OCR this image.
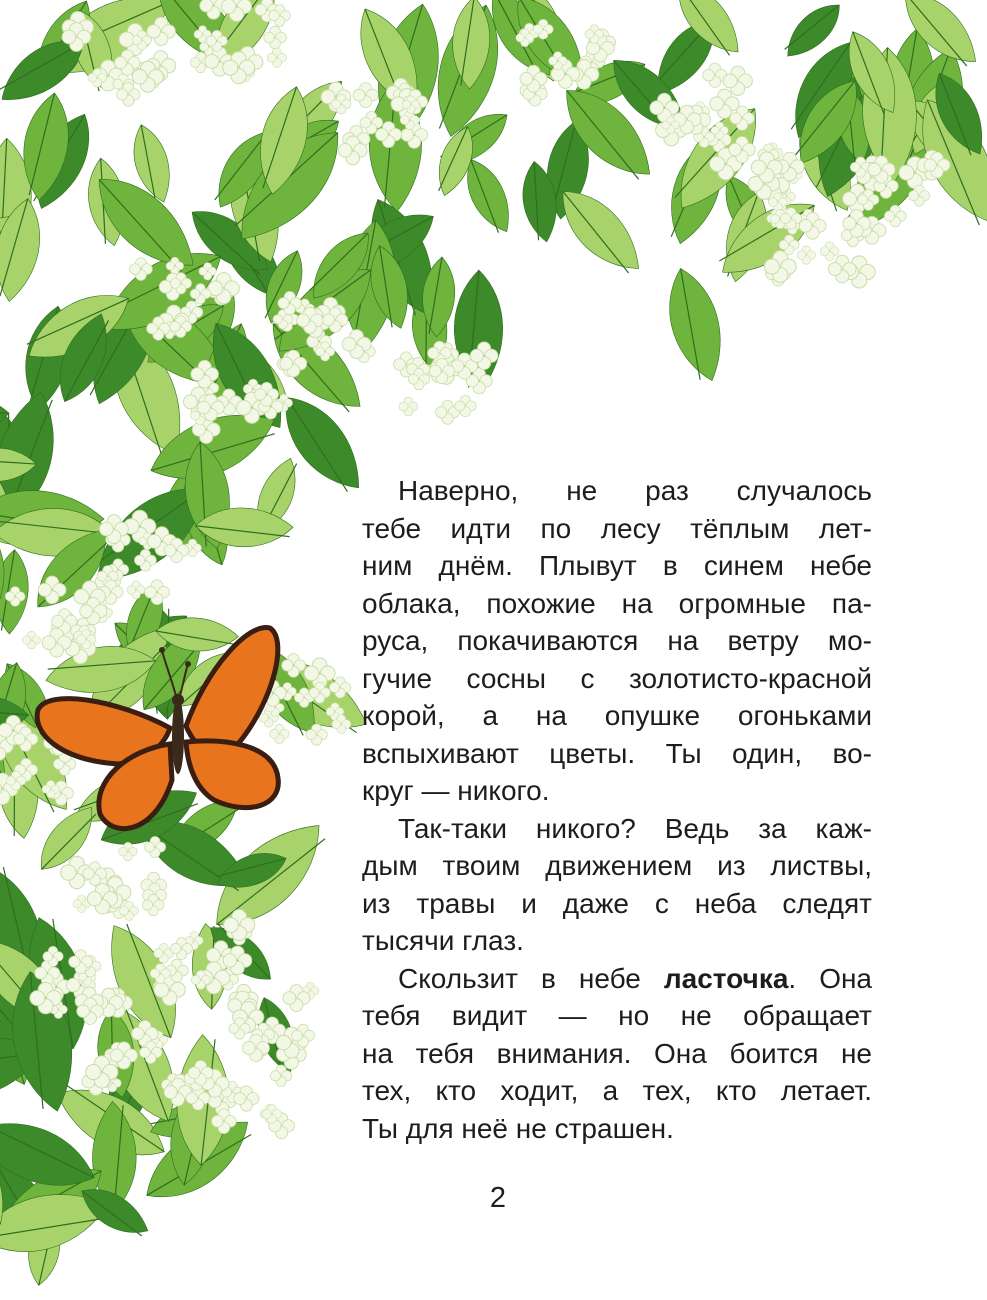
Наверно, не раз случалось
тебе идти по лесу тёплым лет-
ним днём. Плывут в синем небе
облака, похожие на огромные па-
руса, покачиваются на ветру мо-
гучие сосны с золотисто-красной
корой, а на опушке огоньками
вспыхивают цветы. Ты один, во-
круг — никого.
Так-таки никого? Ведь за каж-
дым твоим движением из листвы,
из травы и даже с неба следят
тысячи глаз.
Скользит в небе ласточка. Она
тебя видит — но не обращает
на тебя внимания. Она боится не
тех, кто ходит, а тех, кто летает.
Ты для неё не страшен.
2
